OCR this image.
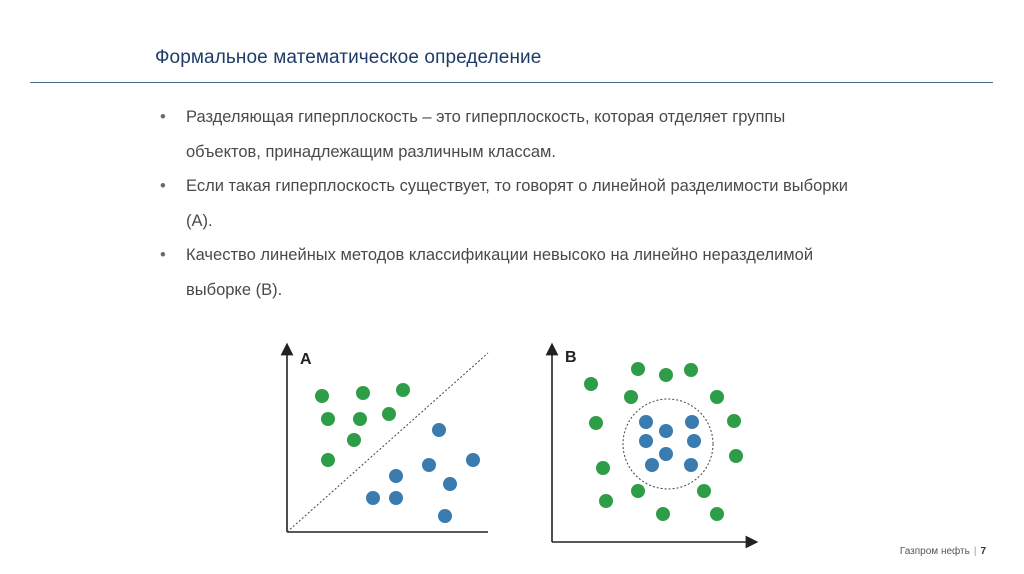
Формальное математическое определение
• Разделяющая гиперплоскость – это гиперплоскость, которая отделяет группы объектов, принадлежащим различным классам.
• Если такая гиперплоскость существует, то говорят о линейной разделимости выборки (А).
• Качество линейных методов классификации невысоко на линейно неразделимой выборке (В).
A	B
Газпром нефть | 7
